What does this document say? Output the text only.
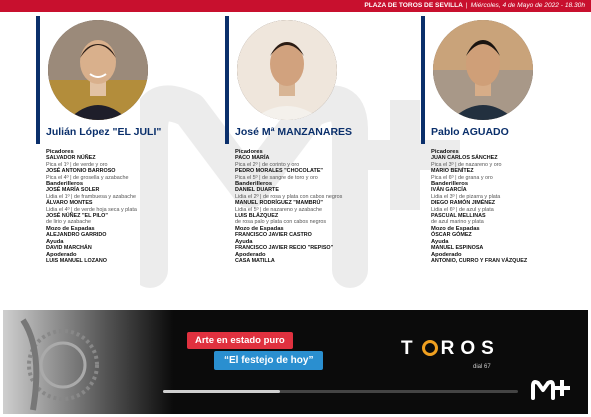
PLAZA DE TOROS DE SEVILLA | Miércoles, 4 de Mayo de 2022 - 18.30h
Julián López "EL JULI"
Picadores
SALVADOR NÚÑEZ
Pica el 1º | de verde y oro
JOSÉ ANTONIO BARROSO
Pica el 4º | de grosella y azabache
Banderilleros
JOSÉ MARÍA SOLER
Lidia el 1º | de frambuesa y azabache
ÁLVARO MONTES
Lidia el 4º | de verde hoja seca y plata
JOSÉ NÚÑEZ "EL PILO"
de lirio y azabache
Mozo de Espadas
ALEJANDRO GARRIDO
Ayuda
DAVID MARCHÁN
Apoderado
LUIS MANUEL LOZANO
José Mª MANZANARES
Picadores
PACO MARÍA
Pica el 2º | de corinto y oro
PEDRO MORALES "CHOCOLATE"
Pica el 5º | de sangre de toro y oro
Banderilleros
DANIEL DUARTE
Lidia el 2º | de rosa y plata con cabos negros
MANUEL RODRÍGUEZ "MAMBRÚ"
Lidia el 5º | de nazareno y azabache
LUIS BLÁZQUEZ
de rosa palo y plata con cabos negros
Mozo de Espadas
FRANCISCO JAVIER CASTRO
Ayuda
FRANCISCO JAVIER RECIO "REPISO"
Apoderado
CASA MATILLA
Pablo AGUADO
Picadores
JUAN CARLOS SÁNCHEZ
Pica el 3º | de nazareno y oro
MARIO BENÍTEZ
Pica el 6º | de grana y oro
Banderilleros
IVÁN GARCÍA
Lidia el 3º | de pizarra y plata
DIEGO RAMÓN JIMÉNEZ
Lidia el 6º | de azul y plata
PASCUAL MELLINAS
de azul marino y plata
Mozo de Espadas
ÓSCAR GÓMEZ
Ayuda
MANUEL ESPINOSA
Apoderado
ANTONIO, CURRO Y FRAN VÁZQUEZ
Arte en estado puro
“El festejo de hoy”
T ROS
dial 67
